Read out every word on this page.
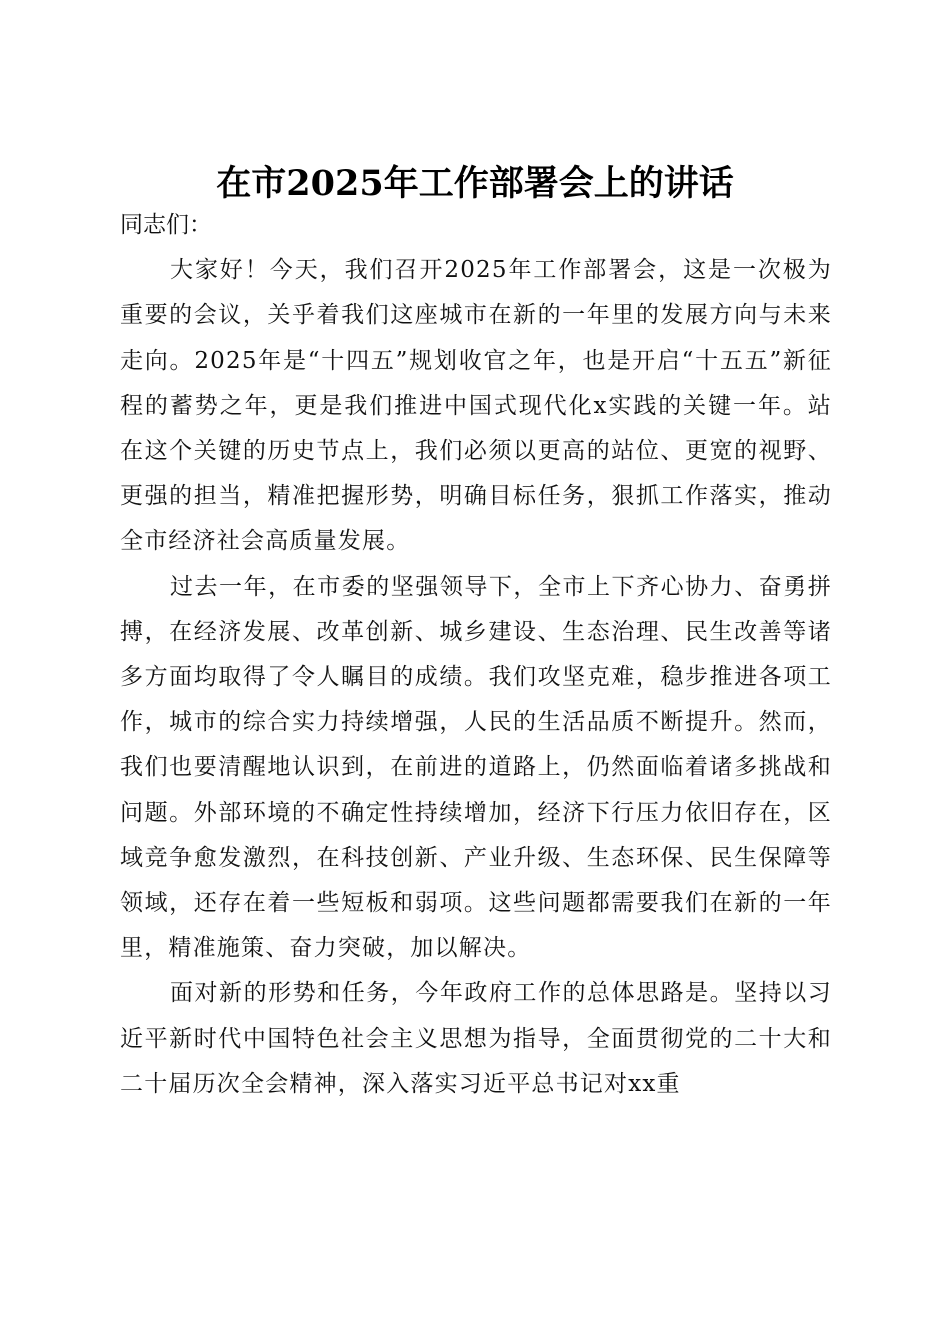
在市2025年工作部署会上的讲话

同志们：

大家好！今天，我们召开2025年工作部署会，这是一次极为重要的会议，关乎着我们这座城市在新的一年里的发展方向与未来走向。2025年是“十四五”规划收官之年，也是开启“十五五”新征程的蓄势之年，更是我们推进中国式现代化x实践的关键一年。站在这个关键的历史节点上，我们必须以更高的站位、更宽的视野、更强的担当，精准把握形势，明确目标任务，狠抓工作落实，推动全市经济社会高质量发展。

过去一年，在市委的坚强领导下，全市上下齐心协力、奋勇拼搏，在经济发展、改革创新、城乡建设、生态治理、民生改善等诸多方面均取得了令人瞩目的成绩。我们攻坚克难，稳步推进各项工作，城市的综合实力持续增强，人民的生活品质不断提升。然而，我们也要清醒地认识到，在前进的道路上，仍然面临着诸多挑战和问题。外部环境的不确定性持续增加，经济下行压力依旧存在，区域竞争愈发激烈，在科技创新、产业升级、生态环保、民生保障等领域，还存在着一些短板和弱项。这些问题都需要我们在新的一年里，精准施策、奋力突破，加以解决。

面对新的形势和任务，今年政府工作的总体思路是。坚持以习近平新时代中国特色社会主义思想为指导，全面贯彻党的二十大和二十届历次全会精神，深入落实习近平总书记对xx重
